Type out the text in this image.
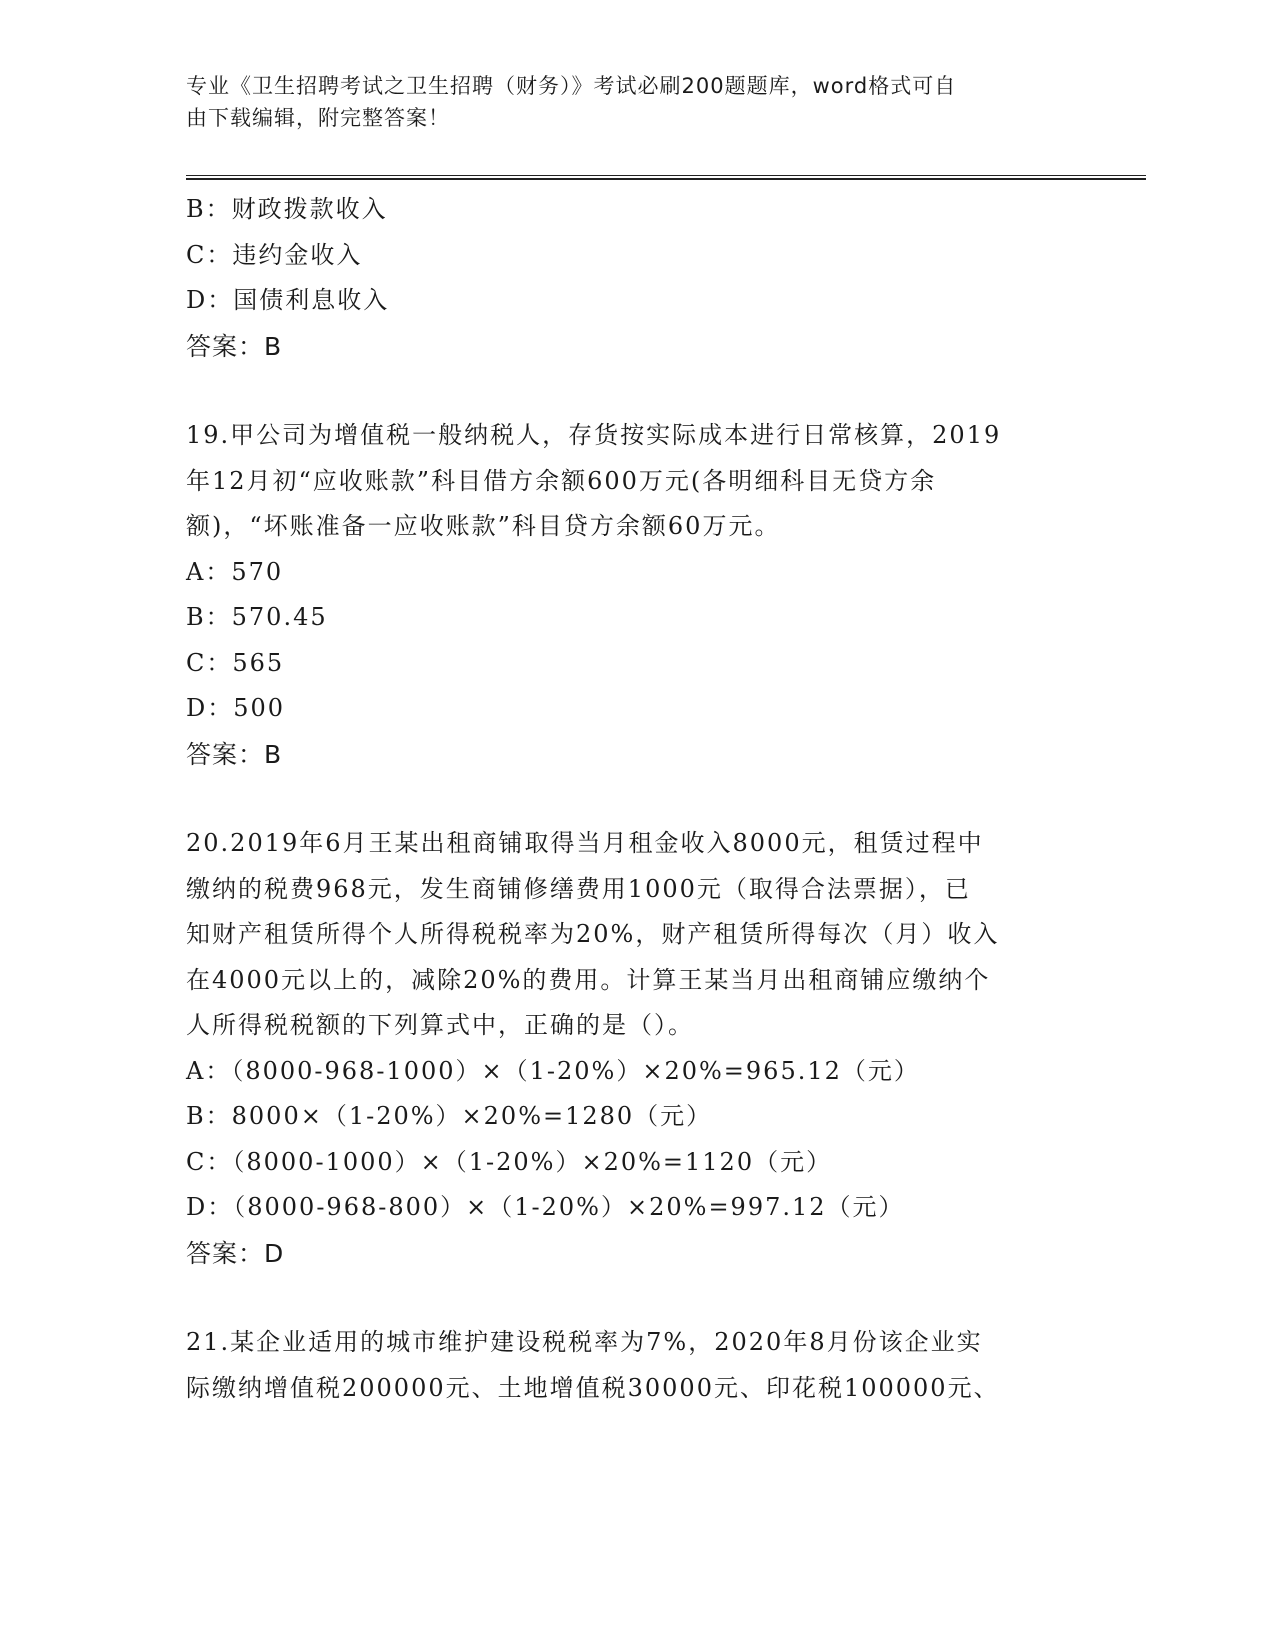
专业《卫生招聘考试之卫生招聘（财务）》考试必刷200题题库，word格式可自
由下载编辑，附完整答案！
B：财政拨款收入
C：违约金收入
D：国债利息收入
答案：B
19.甲公司为增值税一般纳税人，存货按实际成本进行日常核算，2019
年12月初“应收账款”科目借方余额600万元(各明细科目无贷方余
额)，“坏账准备一应收账款”科目贷方余额60万元。
A：570
B：570.45
C：565
D：500
答案：B
20.2019年6月王某出租商铺取得当月租金收入8000元，租赁过程中
缴纳的税费968元，发生商铺修缮费用1000元（取得合法票据），已
知财产租赁所得个人所得税税率为20%，财产租赁所得每次（月）收入
在4000元以上的，减除20%的费用。计算王某当月出租商铺应缴纳个
人所得税税额的下列算式中，正确的是（）。
A：（8000-968-1000）×（1-20%）×20%=965.12（元）
B：8000×（1-20%）×20%=1280（元）
C：（8000-1000）×（1-20%）×20%=1120（元）
D：（8000-968-800）×（1-20%）×20%=997.12（元）
答案：D
21.某企业适用的城市维护建设税税率为7%，2020年8月份该企业实
际缴纳增值税200000元、土地增值税30000元、印花税100000元、
